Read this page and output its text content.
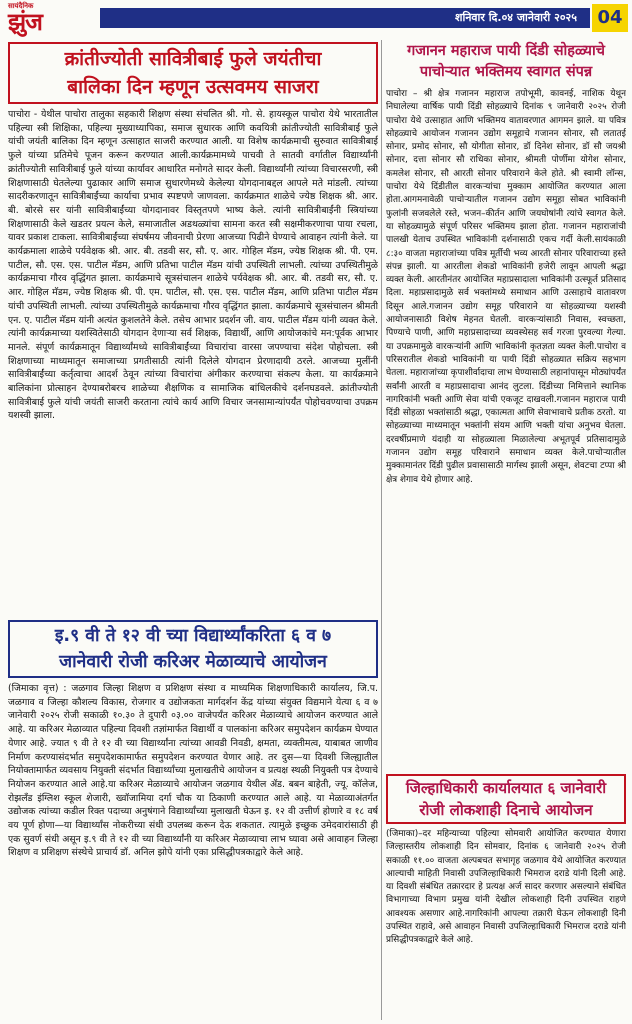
सायंदैनिक
झुंज	शनिवार दि.०४ जानेवारी २०२५	04
क्रांतीज्योती सावित्रीबाई फुले जयंतीचा
बालिका दिन म्हणून उत्सवमय साजरा

पाचोरा - येथील पाचोरा तालुका सहकारी शिक्षण संस्था संचलित श्री. गो. से. हायस्कूल पाचोरा येथे भारतातील पहिल्या स्त्री शिक्षिका, पहिल्या मुख्याध्यापिका, समाज सुधारक आणि कवयित्री क्रांतीज्योती सावित्रीबाई फुले यांची जयंती बालिका दिन म्हणून उत्साहात साजरी करण्यात आली. या विशेष कार्यक्रमाची सुरुवात सावित्रीबाई फुले यांच्या प्रतिमेचे पूजन करून करण्यात आली.कार्यक्रमामध्ये पाचवी ते सातवी वर्गातील विद्यार्थ्यांनी क्रांतीज्योती सावित्रीबाई फुले यांच्या कार्यावर आधारित मनोगते सादर केली. विद्यार्थ्यांनी त्यांच्या विचारसरणी, स्त्री शिक्षणासाठी घेतलेल्या पुढाकार आणि समाज सुधारणेमध्ये केलेल्या योगदानाबद्दल आपले मते मांडली. त्यांच्या सादरीकरणातून सावित्रीबाईंच्या कार्याचा प्रभाव स्पष्टपणे जाणवला. कार्यक्रमात शाळेचे ज्येष्ठ शिक्षक श्री. आर. बी. बोरसे सर यांनी सावित्रीबाईंच्या योगदानावर विस्तृतपणे भाष्य केले. त्यांनी सावित्रीबाईंनी स्त्रियांच्या शिक्षणासाठी केले खडतर प्रयत्न केले, समाजातील अडथळ्यांचा सामना करत स्त्री सक्षमीकरणाचा पाया रचला, यावर प्रकाश टाकला. सावित्रीबाईंच्या संघर्षमय जीवनाची प्रेरणा आजच्या पिढीने घेण्याचे आवाहन त्यांनी केले. या कार्यक्रमाला शाळेचे पर्यवेक्षक श्री. आर. बी. तडवी सर, सौ. ए. आर. गोहिल मॅडम, ज्येष्ठ शिक्षक श्री. पी. एम. पाटील, सौ. एस. एस. पाटील मॅडम, आणि प्रतिभा पाटील मॅडम यांची उपस्थिती लाभली. त्यांच्या उपस्थितीमुळे कार्यक्रमाचा गौरव वृद्धिंगत झाला. कार्यक्रमाचे सूत्रसंचालन शाळेचे पर्यवेक्षक श्री. आर. बी. तडवी सर, सौ. ए. आर. गोहिल मॅडम, ज्येष्ठ शिक्षक श्री. पी. एम. पाटील, सौ. एस. एस. पाटील मॅडम, आणि प्रतिभा पाटील मॅडम यांची उपस्थिती लाभली. त्यांच्या उपस्थितीमुळे कार्यक्रमाचा गौरव वृद्धिंगत झाला. कार्यक्रमाचे सूत्रसंचालन श्रीमती एन. ए. पाटील मॅडम यांनी अत्यंत कुशलतेने केले. तसेच आभार प्रदर्शन जी. वाय. पाटील मॅडम यांनी व्यक्त केले. त्यांनी कार्यक्रमाच्या यशस्वितेसाठी योगदान देणाऱ्या सर्व शिक्षक, विद्यार्थी, आणि आयोजकांचे मन:पूर्वक आभार मानले. संपूर्ण कार्यक्रमातून विद्यार्थ्यांमध्ये सावित्रीबाईंच्या विचारांचा वारसा जपण्याचा संदेश पोहोचला. स्त्री शिक्षणाच्या माध्यमातून समाजाच्या प्रगतीसाठी त्यांनी दिलेले योगदान प्रेरणादायी ठरले. आजच्या मुलींनी सावित्रीबाईंच्या कर्तृत्वाचा आदर्श ठेवून त्यांच्या विचारांचा अंगीकार करण्याचा संकल्प केला. या कार्यक्रमाने बालिकांना प्रोत्साहन देण्याबरोबरच शाळेच्या शैक्षणिक व सामाजिक बांधिलकीचे दर्शनघडवले. क्रांतीज्योती सावित्रीबाई फुले यांची जयंती साजरी करताना त्यांचे कार्य आणि विचार जनसामान्यांपर्यंत पोहोचवण्याचा उपक्रम यशस्वी झाला.

इ.९ वी ते १२ वी च्या विद्यार्थ्यांकरिता ६ व ७
जानेवारी रोजी करिअर मेळाव्याचे आयोजन

(जिमाका वृत्त) : जळगाव जिल्हा शिक्षण व प्रशिक्षण संस्था व माध्यमिक शिक्षणाधिकारी कार्यालय, जि.प. जळगाव व जिल्हा कौशल्य विकास, रोजगार व उद्योजकता मार्गदर्शन केंद्र यांच्या संयुक्त विद्यमाने येत्या ६ व ७ जानेवारी २०२५ रोजी सकाळी १०.३० ते दुपारी ०३.०० वाजेपर्यंत करिअर मेळाव्याचे आयोजन करण्यात आले आहे. या करिअर मेळाव्यात पहिल्या दिवशी तज्ञांमार्फत विद्यार्थी व पालकांना करिअर समुपदेशन कार्यक्रम घेण्यात येणार आहे. ज्यात ९ वी ते १२ वी च्या विद्यार्थ्यांना त्यांच्या आवडी निवडी, क्षमता, व्यक्तीमत्व, याबाबत जाणीव निर्माण करण्यासंदर्भात समुपदेशकामार्फत समुपदेशन करण्यात येणार आहे. तर दुस—या दिवशी जिल्ह्यातील नियोक्तामार्फत व्यवसाय नियुक्ती संदर्भात विद्यार्थ्यांच्या मुलाखतीचे आयोजन व प्रत्यक्ष स्थळी नियुक्ती पत्र देण्याचे नियोजन करण्यात आले आहे.या करिअर मेळाव्याचे आयोजन जळगाव येथील ॲड. बबन बाहेती, ज्यू. कॉलेज, रोझलँड इंग्लिश स्कूल शेजारी, ख्वॉजामिया दर्गा चौक या ठिकाणी करण्यात आले आहे. या मेळाव्याअंतर्गत उद्योजक त्यांच्या कडील रिक्त पदाच्या अनुषंगाने विद्यार्थ्यांच्या मुलाखती घेऊन इ. १२ वी उत्तीर्ण होणारे व १८ वर्ष वय पूर्ण होणा—या विद्यार्थ्यांस नोकरीच्या संधी उपलब्ध करून देऊ शकतात. त्यामुळे इच्छुक उमेदवारांसाठी ही एक सुवर्ण संधी असून इ.९ वी ते १२ वी च्या विद्यार्थ्यांनी या करिअर मेळाव्याचा लाभ घ्यावा असे आवाहन जिल्हा शिक्षण व प्रशिक्षण संस्थेचे प्राचार्य डॉ. अनिल झोपे यांनी एका प्रसिद्धीपत्रकाद्वारे केले आहे.

गजानन महाराज पायी दिंडी सोहळ्याचे
पाचोऱ्यात भक्तिमय स्वागत संपन्न

पाचोरा – श्री क्षेत्र गजानन महाराज तपोभूमी, कावनई, नाशिक येथून निघालेल्या वार्षिक पायी दिंडी सोहळ्याचे दिनांक ९ जानेवारी २०२५ रोजी पाचोरा येथे उत्साहात आणि भक्तिमय वातावरणात आगमन झाले. या पवित्र सोहळ्याचे आयोजन गजानन उद्योग समूहाचे गजानन सोनार, सौ लतातई सोनार, प्रमोद सोनार, सौ योगीता सोनार, डॉ दिनेश सोनार, डॉ सौ जयश्री सोनार, दत्ता सोनार सौ राधिका सोनार, श्रीमती पोर्णीमा योगेश सोनार, कमलेश सोनार, सौ आरती सोनार परिवाराने केले होते. श्री स्वामी लॉन्स, पाचोरा येथे दिंडीतील वारकऱ्यांचा मुक्काम आयोजित करण्यात आला होता.आगमनावेळी पाचोऱ्यातील गजानन उद्योग समूहा सोबत भाविकांनी फुलांनी सजवलेले रस्ते, भजन–कीर्तन आणि जयघोषांनी त्यांचे स्वागत केले. या सोहळ्यामुळे संपूर्ण परिसर भक्तिमय झाला होता. गजानन महाराजांची पालखी येताच उपस्थित भाविकांनी दर्शनासाठी एकच गर्दी केली.सायंकाळी ८:३० वाजता महाराजांच्या पवित्र मूर्तीची भव्य आरती सोनार परिवाराच्या हस्ते संपन्न झाली. या आरतीला शेकडो भाविकांनी हजेरी लावून आपली श्रद्धा व्यक्त केली. आरतीनंतर आयोजित महाप्रसादाला भाविकांनी उत्स्फूर्त प्रतिसाद दिला. महाप्रसादामुळे सर्व भक्तांमध्ये समाधान आणि उत्साहाचे वातावरण दिसून आले.गजानन उद्योग समूह परिवाराने या सोहळ्याच्या यशस्वी आयोजनासाठी विशेष मेहनत घेतली. वारकऱ्यांसाठी निवास, स्वच्छता, पिण्याचे पाणी, आणि महाप्रसादाच्या व्यवस्थेसह सर्व गरजा पुरवल्या गेल्या. या उपक्रमामुळे वारकऱ्यांनी आणि भाविकांनी कृतज्ञता व्यक्त केली.पाचोरा व परिसरातील शेकडो भाविकांनी या पायी दिंडी सोहळ्यात सक्रिय सहभाग घेतला. महाराजांच्या कृपाशीर्वादाचा लाभ घेण्यासाठी लहानांपासून मोठ्यांपर्यंत सर्वांनी आरती व महाप्रसादाचा आनंद लुटला. दिंडीच्या निमित्ताने स्थानिक नागरिकांनी भक्ती आणि सेवा यांची एकजूट दाखवली.गजानन महाराज पायी दिंडी सोहळा भक्तांसाठी श्रद्धा, एकात्मता आणि सेवाभावाचे प्रतीक ठरतो. या सोहळ्याच्या माध्यमातून भक्तांनी संयम आणि भक्ती यांचा अनुभव घेतला. दरवर्षीप्रमाणे यंदाही या सोहळ्याला मिळालेल्या अभूतपूर्व प्रतिसादामुळे गजानन उद्योग समूह परिवाराने समाधान व्यक्त केले.पाचोऱ्यातील मुक्कामानंतर दिंडी पुढील प्रवासासाठी मार्गस्थ झाली असून, शेवटचा टप्पा श्री क्षेत्र शेगाव येथे होणार आहे.

जिल्हाधिकारी कार्यालयात ६ जानेवारी
रोजी लोकशाही दिनाचे आयोजन

(जिमाका)–दर महिन्याच्या पहिल्या सोमवारी आयोजित करण्यात येणारा जिल्हास्तरीय लोकशाही दिन सोमवार, दिनांक ६ जानेवारी २०२५ रोजी सकाळी ११.०० वाजता अल्पबचत सभागृह जळगाव येथे आयोजित करण्यात आल्याची माहिती निवासी उपजिल्हाधिकारी भिमराज दराडे यांनी दिली आहे. या दिवशी संबंधित तक्रारदार हे प्रत्यक्ष अर्ज सादर करणार असल्याने संबंधित विभागाच्या विभाग प्रमुख यांनी देखील लोकशाही दिनी उपस्थित राहणे आवश्यक असणार आहे.नागरिकांनी आपल्या तक्रारी घेऊन लोकशाही दिनी उपस्थित राहावे, असे आवाहन निवासी उपजिल्हाधिकारी भिमराज दराडे यांनी प्रसिद्धीपत्रकाद्वारे केले आहे.
